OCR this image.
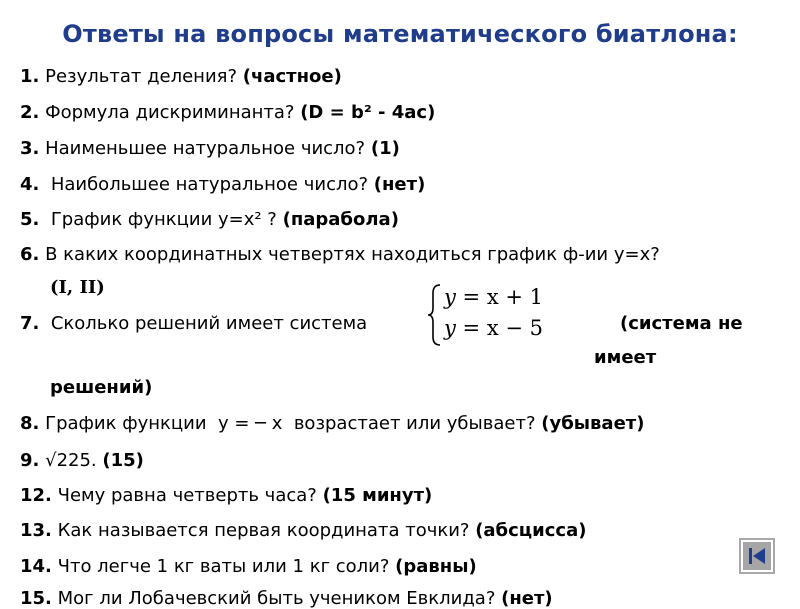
Ответы на вопросы математического биатлона:
1. Результат деления? (частное)
2. Формула дискриминанта? (D = b² - 4ac)
3. Наименьшее натуральное число? (1)
4.  Наибольшее натуральное число? (нет)
5.  График функции y=x² ? (парабола)
6. В каких координатных четвертях находиться график ф-ии y=x?
(I, II)
7.  Сколько решений имеет система
y = x + 1
y = x − 5	(система не
имеет
решений)
8. График функции  y = ─ x  возрастает или убывает? (убывает)
9. √225. (15)
12. Чему равна четверть часа? (15 минут)
13. Как называется первая координата точки? (абсцисса)
14. Что легче 1 кг ваты или 1 кг соли? (равны)
15. Мог ли Лобачевский быть учеником Евклида? (нет)
